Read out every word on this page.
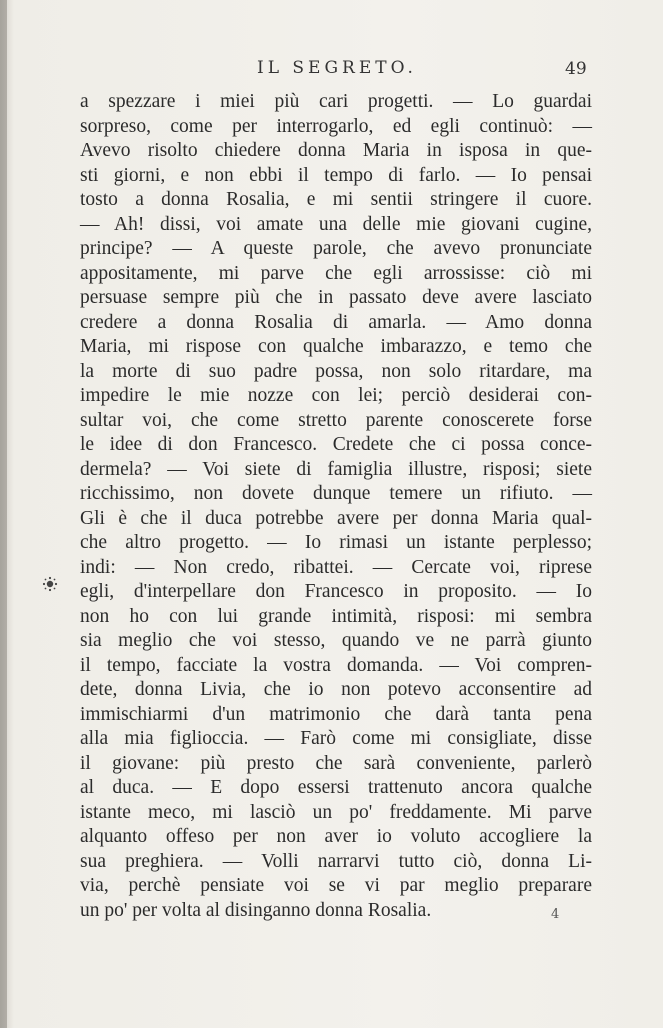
IL SEGRETO.	49
a spezzare i miei più cari progetti. — Lo guardai
sorpreso, come per interrogarlo, ed egli continuò: —
Avevo risolto chiedere donna Maria in isposa in que-
sti giorni, e non ebbi il tempo di farlo. — Io pensai
tosto a donna Rosalia, e mi sentii stringere il cuore.
— Ah! dissi, voi amate una delle mie giovani cugine,
principe? — A queste parole, che avevo pronunciate
appositamente, mi parve che egli arrossisse: ciò mi
persuase sempre più che in passato deve avere lasciato
credere a donna Rosalia di amarla. — Amo donna
Maria, mi rispose con qualche imbarazzo, e temo che
la morte di suo padre possa, non solo ritardare, ma
impedire le mie nozze con lei; perciò desiderai con-
sultar voi, che come stretto parente conoscerete forse
le idee di don Francesco. Credete che ci possa conce-
dermela? — Voi siete di famiglia illustre, risposi; siete
ricchissimo, non dovete dunque temere un rifiuto. —
Gli è che il duca potrebbe avere per donna Maria qual-
che altro progetto. — Io rimasi un istante perplesso;
indi: — Non credo, ribattei. — Cercate voi, riprese
egli, d'interpellare don Francesco in proposito. — Io
non ho con lui grande intimità, risposi: mi sembra
sia meglio che voi stesso, quando ve ne parrà giunto
il tempo, facciate la vostra domanda. — Voi compren-
dete, donna Livia, che io non potevo acconsentire ad
immischiarmi d'un matrimonio che darà tanta pena
alla mia figlioccia. — Farò come mi consigliate, disse
il giovane: più presto che sarà conveniente, parlerò
al duca. — E dopo essersi trattenuto ancora qualche
istante meco, mi lasciò un po' freddamente. Mi parve
alquanto offeso per non aver io voluto accogliere la
sua preghiera. — Volli narrarvi tutto ciò, donna Li-
via, perchè pensiate voi se vi par meglio preparare
un po' per volta al disinganno donna Rosalia.	4
